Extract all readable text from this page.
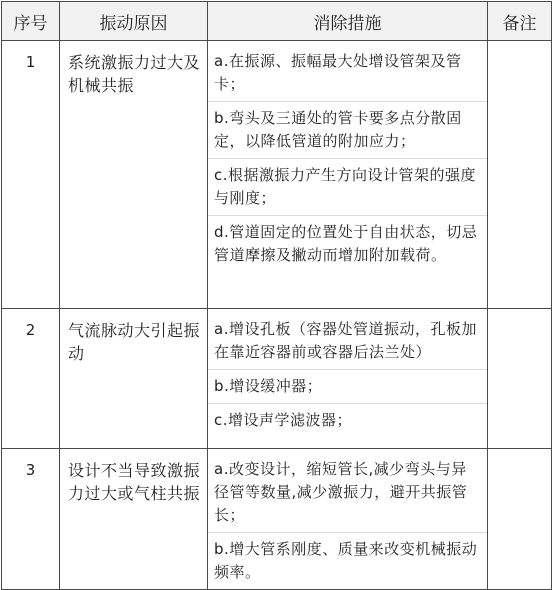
序号	振动原因	消除措施	备注
1	系统激振力过大及机械共振	a.在振源、振幅最大处增设管架及管卡；
b.弯头及三通处的管卡要多点分散固定，以降低管道的附加应力；
c.根据激振力产生方向设计管架的强度与刚度；
d.管道固定的位置处于自由状态，切忌管道摩擦及撇动而增加附加载荷。	

2	气流脉动大引起振动	a.增设孔板（容器处管道振动，孔板加在靠近容器前或容器后法兰处）
b.增设缓冲器；
c.增设声学滤波器；	

3	设计不当导致激振力过大或气柱共振	a.改变设计，缩短管长,减少弯头与异径管等数量,减少激振力，避开共振管长；
b.增大管系刚度、质量来改变机械振动频率。	
